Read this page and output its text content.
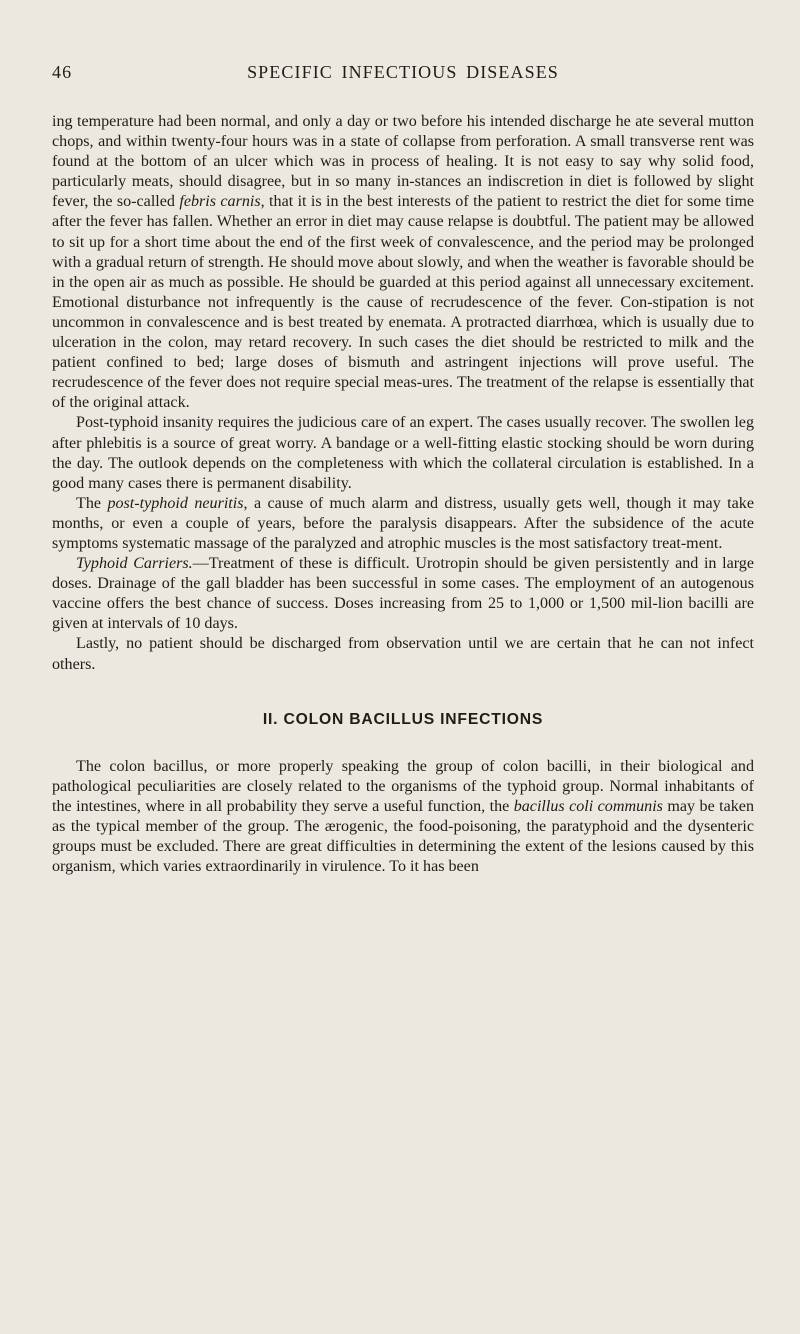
46	SPECIFIC INFECTIOUS DISEASES

ing temperature had been normal, and only a day or two before his intended discharge he ate several mutton chops, and within twenty-four hours was in a state of collapse from perforation. A small transverse rent was found at the bottom of an ulcer which was in process of healing. It is not easy to say why solid food, particularly meats, should disagree, but in so many in-stances an indiscretion in diet is followed by slight fever, the so-called febris carnis, that it is in the best interests of the patient to restrict the diet for some time after the fever has fallen. Whether an error in diet may cause relapse is doubtful. The patient may be allowed to sit up for a short time about the end of the first week of convalescence, and the period may be prolonged with a gradual return of strength. He should move about slowly, and when the weather is favorable should be in the open air as much as possible. He should be guarded at this period against all unnecessary excitement. Emotional disturbance not infrequently is the cause of recrudescence of the fever. Con-stipation is not uncommon in convalescence and is best treated by enemata. A protracted diarrhœa, which is usually due to ulceration in the colon, may retard recovery. In such cases the diet should be restricted to milk and the patient confined to bed; large doses of bismuth and astringent injections will prove useful. The recrudescence of the fever does not require special meas-ures. The treatment of the relapse is essentially that of the original attack.

Post-typhoid insanity requires the judicious care of an expert. The cases usually recover. The swollen leg after phlebitis is a source of great worry. A bandage or a well-fitting elastic stocking should be worn during the day. The outlook depends on the completeness with which the collateral circulation is established. In a good many cases there is permanent disability.

The post-typhoid neuritis, a cause of much alarm and distress, usually gets well, though it may take months, or even a couple of years, before the paralysis disappears. After the subsidence of the acute symptoms systematic massage of the paralyzed and atrophic muscles is the most satisfactory treat-ment.

Typhoid Carriers.—Treatment of these is difficult. Urotropin should be given persistently and in large doses. Drainage of the gall bladder has been successful in some cases. The employment of an autogenous vaccine offers the best chance of success. Doses increasing from 25 to 1,000 or 1,500 mil-lion bacilli are given at intervals of 10 days.

Lastly, no patient should be discharged from observation until we are certain that he can not infect others.

II. COLON BACILLUS INFECTIONS

The colon bacillus, or more properly speaking the group of colon bacilli, in their biological and pathological peculiarities are closely related to the organisms of the typhoid group. Normal inhabitants of the intestines, where in all probability they serve a useful function, the bacillus coli communis may be taken as the typical member of the group. The ærogenic, the food-poisoning, the paratyphoid and the dysenteric groups must be excluded. There are great difficulties in determining the extent of the lesions caused by this organism, which varies extraordinarily in virulence. To it has been
